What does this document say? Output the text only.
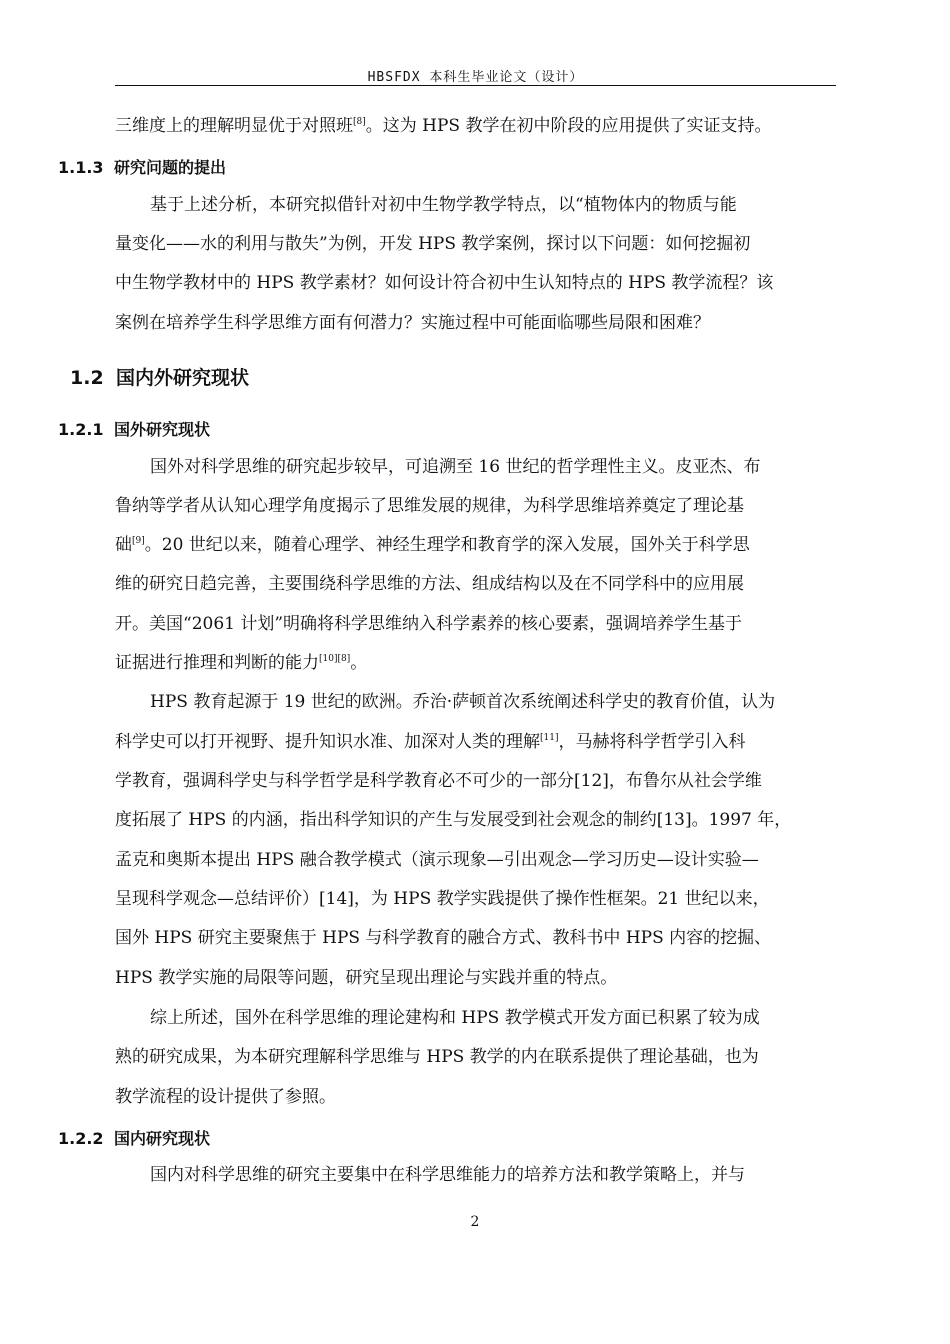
HBSFDX 本科生毕业论文（设计）
三维度上的理解明显优于对照班[8]。这为 HPS 教学在初中阶段的应用提供了实证支持。
1.1.3 研究问题的提出
基于上述分析，本研究拟借针对初中生物学教学特点，以“植物体内的物质与能
量变化——水的利用与散失”为例，开发 HPS 教学案例，探讨以下问题：如何挖掘初
中生物学教材中的 HPS 教学素材？如何设计符合初中生认知特点的 HPS 教学流程？该
案例在培养学生科学思维方面有何潜力？实施过程中可能面临哪些局限和困难？
1.2 国内外研究现状
1.2.1 国外研究现状
国外对科学思维的研究起步较早，可追溯至 16 世纪的哲学理性主义。皮亚杰、布
鲁纳等学者从认知心理学角度揭示了思维发展的规律，为科学思维培养奠定了理论基
础[9]。20 世纪以来，随着心理学、神经生理学和教育学的深入发展，国外关于科学思
维的研究日趋完善，主要围绕科学思维的方法、组成结构以及在不同学科中的应用展
开。美国“2061 计划”明确将科学思维纳入科学素养的核心要素，强调培养学生基于
证据进行推理和判断的能力[10][8]。
HPS 教育起源于 19 世纪的欧洲。乔治·萨顿首次系统阐述科学史的教育价值，认为
科学史可以打开视野、提升知识水准、加深对人类的理解[11]，马赫将科学哲学引入科
学教育，强调科学史与科学哲学是科学教育必不可少的一部分[12]，布鲁尔从社会学维
度拓展了 HPS 的内涵，指出科学知识的产生与发展受到社会观念的制约[13]。1997 年，
孟克和奥斯本提出 HPS 融合教学模式（演示现象—引出观念—学习历史—设计实验—
呈现科学观念—总结评价）[14]，为 HPS 教学实践提供了操作性框架。21 世纪以来，
国外 HPS 研究主要聚焦于 HPS 与科学教育的融合方式、教科书中 HPS 内容的挖掘、
HPS 教学实施的局限等问题，研究呈现出理论与实践并重的特点。
综上所述，国外在科学思维的理论建构和 HPS 教学模式开发方面已积累了较为成
熟的研究成果，为本研究理解科学思维与 HPS 教学的内在联系提供了理论基础，也为
教学流程的设计提供了参照。
1.2.2 国内研究现状
国内对科学思维的研究主要集中在科学思维能力的培养方法和教学策略上，并与
2
